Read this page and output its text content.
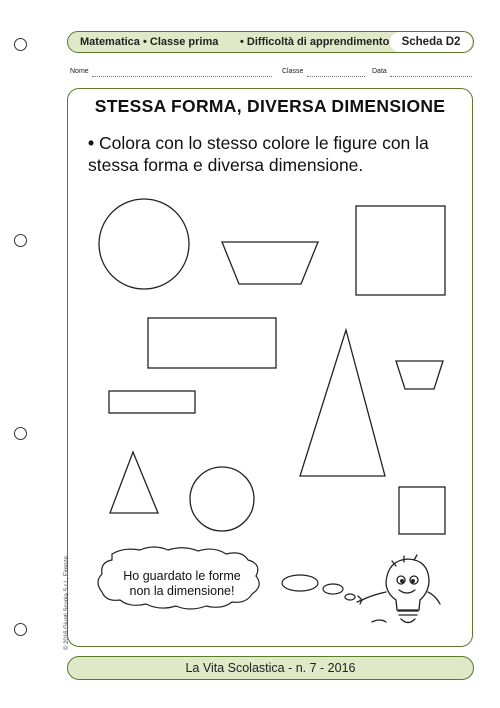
Matematica • Classe prima • Difficoltà di apprendimento	Scheda D2
Nome	Classe	Data
STESSA FORMA, DIVERSA DIMENSIONE
• Colora con lo stesso colore le figure con la stessa forma e diversa dimensione.
Ho guardato le forme
non la dimensione!
© 2016 Giunti Scuola S.r.l., Firenze
La Vita Scolastica - n. 7 - 2016
